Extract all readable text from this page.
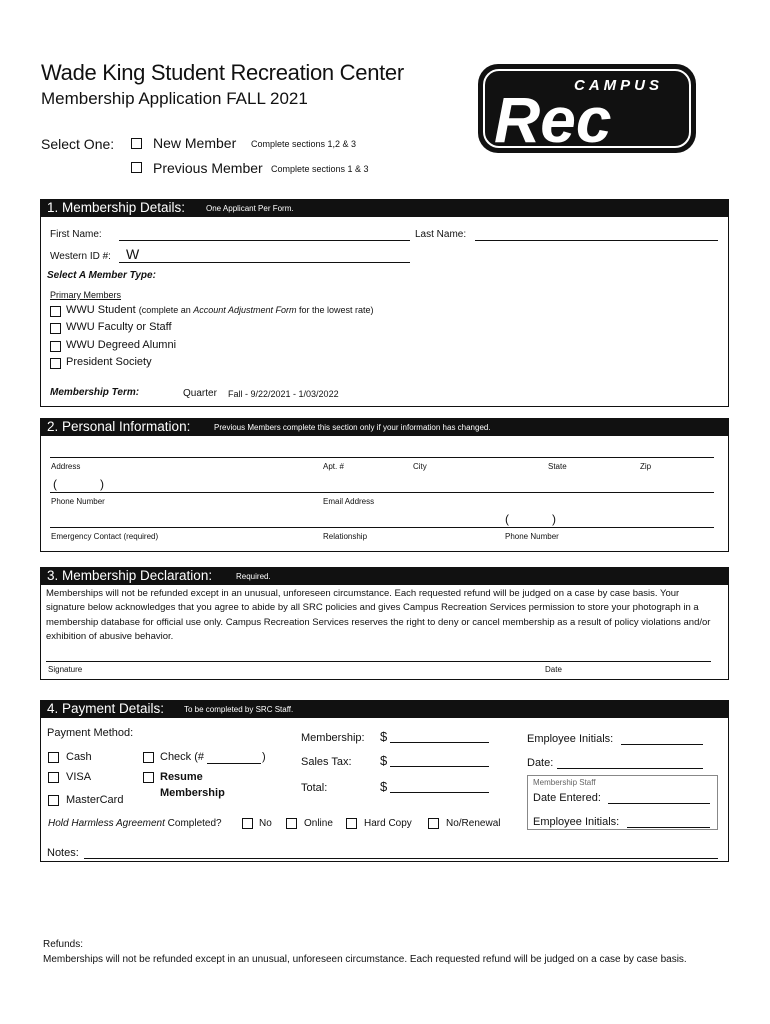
Wade King Student Recreation Center
Membership Application FALL 2021
Select One:	New Member Complete sections 1,2 & 3
Previous Member Complete sections 1 & 3
CAMPUS
Rec
1. Membership Details:	One Applicant Per Form.
First Name:	Last Name:
Western ID #: W
Select A Member Type:
Primary Members
WWU Student (complete an Account Adjustment Form for the lowest rate)
WWU Faculty or Staff
WWU Degreed Alumni
President Society
Membership Term:	Quarter Fall - 9/22/2021 - 1/03/2022
2. Personal Information:	Previous Members complete this section only if your information has changed.
Address	Apt. #	City	State	Zip
(	)
Phone Number	Email Address
(	)
Emergency Contact (required)	Relationship	Phone Number
3. Membership Declaration:	Required.
Memberships will not be refunded except in an unusual, unforeseen circumstance. Each requested refund will be judged on a case by case basis. Your signature below acknowledges that you agree to abide by all SRC policies and gives Campus Recreation Services permission to store your photograph in a membership database for official use only. Campus Recreation Services reserves the right to deny or cancel membership as a result of policy violations and/or exhibition of abusive behavior.
Signature	Date
4. Payment Details: To be completed by SRC Staff.
Payment Method:
Cash	Check (#	)
VISA	Resume
Membership
MasterCard
Membership: $
Sales Tax: $
Total:	$
Employee Initials:
Date:
Membership Staff
Date Entered:
Employee Initials:
Hold Harmless Agreement Completed?	No	Online	Hard Copy	No/Renewal
Notes:
Refunds:
Memberships will not be refunded except in an unusual, unforeseen circumstance. Each requested refund will be judged on a case by case basis.
